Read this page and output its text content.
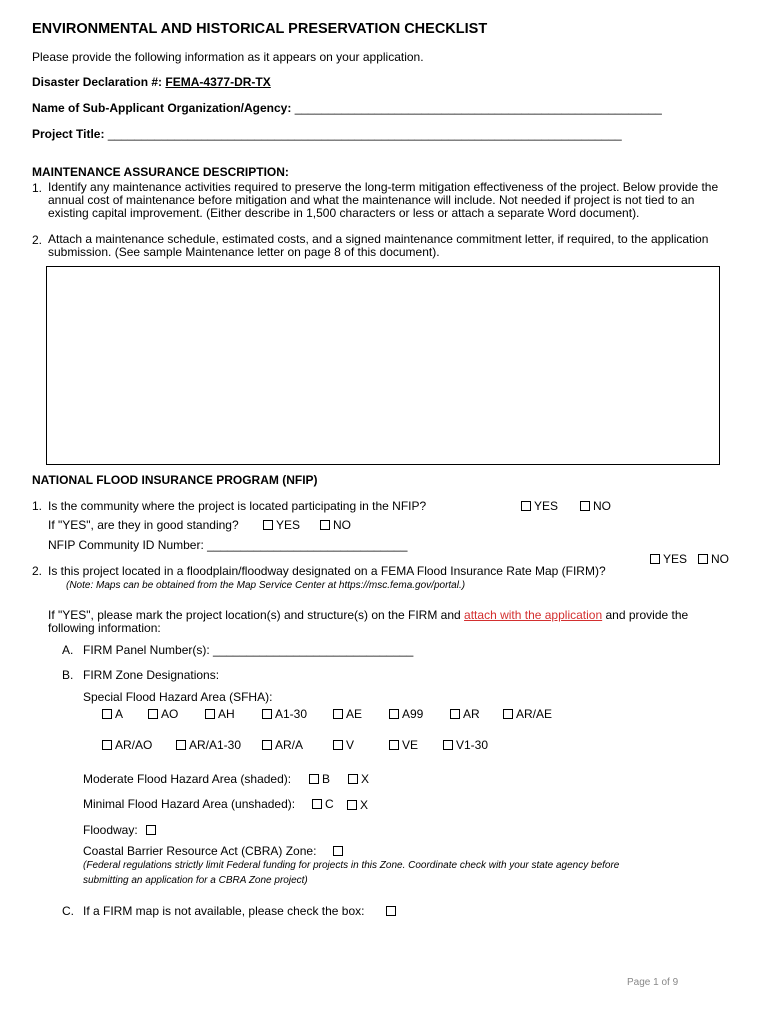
ENVIRONMENTAL AND HISTORICAL PRESERVATION CHECKLIST
Please provide the following information as it appears on your application.
Disaster Declaration #: FEMA-4377-DR-TX
Name of Sub-Applicant Organization/Agency: _______________________________________________________
Project Title: _____________________________________________________________________________
MAINTENANCE ASSURANCE DESCRIPTION:
1. Identify any maintenance activities required to preserve the long-term mitigation effectiveness of the project. Below provide the annual cost of maintenance before mitigation and what the maintenance will include. Not needed if project is not tied to an existing capital improvement. (Either describe in 1,500 characters or less or attach a separate Word document).
2. Attach a maintenance schedule, estimated costs, and a signed maintenance commitment letter, if required, to the application submission. (See sample Maintenance letter on page 8 of this document).
NATIONAL FLOOD INSURANCE PROGRAM (NFIP)
1. Is the community where the project is located participating in the NFIP?	YES	NO
If "YES", are they in good standing?	YES	NO
NFIP Community ID Number: ______________________________
YES	NO
2. Is this project located in a floodplain/floodway designated on a FEMA Flood Insurance Rate Map (FIRM)?
(Note: Maps can be obtained from the Map Service Center at https://msc.fema.gov/portal.)
If "YES", please mark the project location(s) and structure(s) on the FIRM and attach with the application and provide the
following information:
A. FIRM Panel Number(s): ______________________________
B. FIRM Zone Designations:
Special Flood Hazard Area (SFHA):
A	AO	AH	A1-30	AE	A99	AR	AR/AE
AR/AO	AR/A1-30	AR/A	V	VE	V1-30
Moderate Flood Hazard Area (shaded):	B	X
Minimal Flood Hazard Area (unshaded):	C	X
Floodway:
Coastal Barrier Resource Act (CBRA) Zone:
(Federal regulations strictly limit Federal funding for projects in this Zone. Coordinate check with your state agency before
submitting an application for a CBRA Zone project)
C. If a FIRM map is not available, please check the box:
Page 1 of 9
